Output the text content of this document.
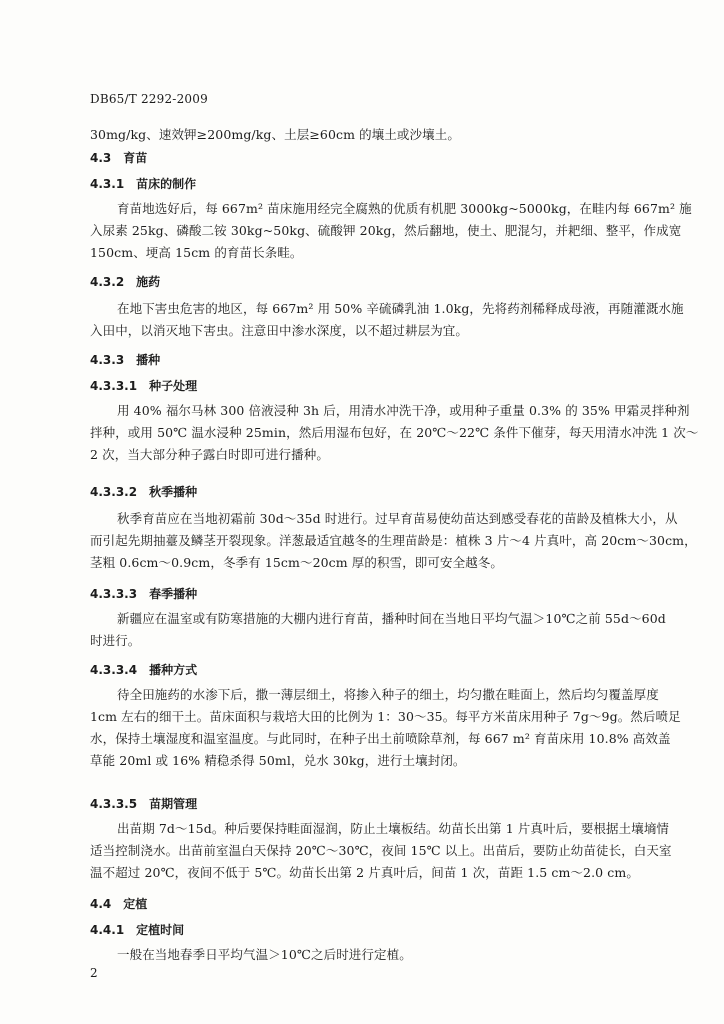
DB65/T 2292-2009

30mg/kg、速效钾≥200mg/kg、土层≥60cm 的壤土或沙壤土。

4.3 育苗
4.3.1 苗床的制作

育苗地选好后，每 667m² 苗床施用经完全腐熟的优质有机肥 3000kg~5000kg，在畦内每 667m² 施

入尿素 25kg、磷酸二铵 30kg~50kg、硫酸钾 20kg，然后翻地，使土、肥混匀，并耙细、整平，作成宽

150cm、埂高 15cm 的育苗长条畦。

4.3.2 施药

在地下害虫危害的地区，每 667m² 用 50% 辛硫磷乳油 1.0kg，先将药剂稀释成母液，再随灌溉水施

入田中，以消灭地下害虫。注意田中渗水深度，以不超过耕层为宜。

4.3.3 播种
4.3.3.1 种子处理

用 40% 福尔马林 300 倍液浸种 3h 后，用清水冲洗干净，或用种子重量 0.3% 的 35% 甲霜灵拌种剂

拌种，或用 50℃ 温水浸种 25min，然后用湿布包好，在 20℃～22℃ 条件下催芽，每天用清水冲洗 1 次～

2 次，当大部分种子露白时即可进行播种。

4.3.3.2 秋季播种

秋季育苗应在当地初霜前 30d～35d 时进行。过早育苗易使幼苗达到感受春花的苗龄及植株大小，从

而引起先期抽薹及鳞茎开裂现象。洋葱最适宜越冬的生理苗龄是：植株 3 片～4 片真叶，高 20cm～30cm，

茎粗 0.6cm～0.9cm，冬季有 15cm～20cm 厚的积雪，即可安全越冬。

4.3.3.3 春季播种

新疆应在温室或有防寒措施的大棚内进行育苗，播种时间在当地日平均气温＞10℃之前 55d～60d

时进行。

4.3.3.4 播种方式

待全田施药的水渗下后，撒一薄层细土，将掺入种子的细土，均匀撒在畦面上，然后均匀覆盖厚度

1cm 左右的细干土。苗床面积与栽培大田的比例为 1：30～35。每平方米苗床用种子 7g～9g。然后喷足

水，保持土壤湿度和温室温度。与此同时，在种子出土前喷除草剂，每 667 m² 育苗床用 10.8% 高效盖

草能 20ml 或 16% 精稳杀得 50ml，兑水 30kg，进行土壤封闭。

4.3.3.5 苗期管理

出苗期 7d～15d。种后要保持畦面湿润，防止土壤板结。幼苗长出第 1 片真叶后，要根据土壤墒情

适当控制浇水。出苗前室温白天保持 20℃～30℃，夜间 15℃ 以上。出苗后，要防止幼苗徒长，白天室

温不超过 20℃，夜间不低于 5℃。幼苗长出第 2 片真叶后，间苗 1 次，苗距 1.5 cm～2.0 cm。

4.4 定植
4.4.1 定植时间

一般在当地春季日平均气温＞10℃之后时进行定植。

2
